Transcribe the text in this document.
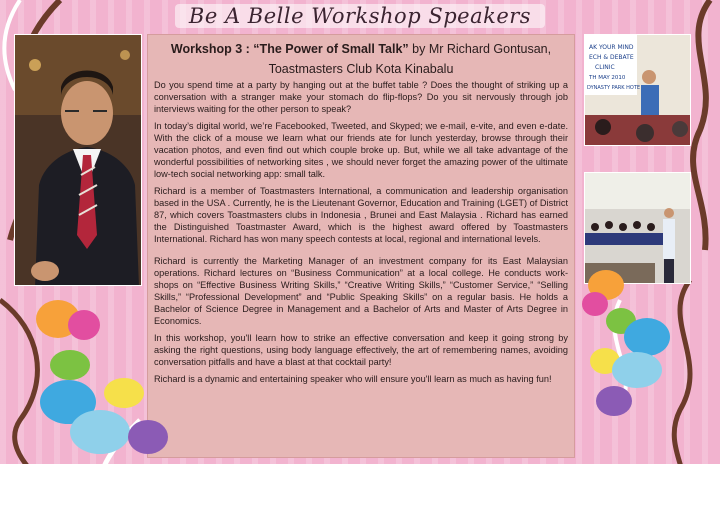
Be A Belle Workshop Speakers
AK YOUR MIND
ECH & DEBATE
CLINIC
TH MAY 2010
DYNASTY PARK HOTE

Workshop 3 : “The Power of Small Talk” by Mr Richard Gontusan,
Toastmasters Club Kota Kinabalu

Do you spend time at a party by hanging out at the buffet table ? Does the thought of striking up a conversation with a stranger make your stomach do flip-flops? Do you sit nervously through job interviews waiting for the other person to speak?

In today’s digital world, we’re Facebooked, Tweeted, and Skyped; we e-mail, e-vite, and even e-date. With the click of a mouse we learn what our friends ate for lunch yesterday, browse through their vacation photos, and even find out which couple broke up. But, while we all take advantage of the wonderful possibilities of networking sites , we should never forget the amazing power of the ultimate low-tech social networking app: small talk.

Richard is a member of Toastmasters International, a communication and leadership organisation based in the USA . Currently, he is the Lieutenant Governor, Education and Training (LGET) of District 87, which covers Toastmasters clubs in Indonesia , Brunei and East Malaysia . Richard has earned the Distinguished Toastmaster Award, which is the highest award offered by Toastmasters International. Richard has won many speech contests at local, regional and international levels.

Richard is currently the Marketing Manager of an investment company for its East Malaysian operations. Richard lectures on “Business Communication” at a local college. He conducts work-shops on “Effective Business Writing Skills,” “Creative Writing Skills,” “Customer Service,” “Selling Skills,” “Professional Development” and “Public Speaking Skills” on a regular basis. He holds a Bachelor of Science Degree in Management and a Bachelor of Arts and Master of Arts Degree in Economics.

In this workshop, you'll learn how to strike an effective conversation and keep it going strong by asking the right questions, using body language effectively, the art of remembering names, avoiding conversation pitfalls and have a blast at that cocktail party!

Richard is a dynamic and entertaining speaker who will ensure you'll learn as much as having fun!
